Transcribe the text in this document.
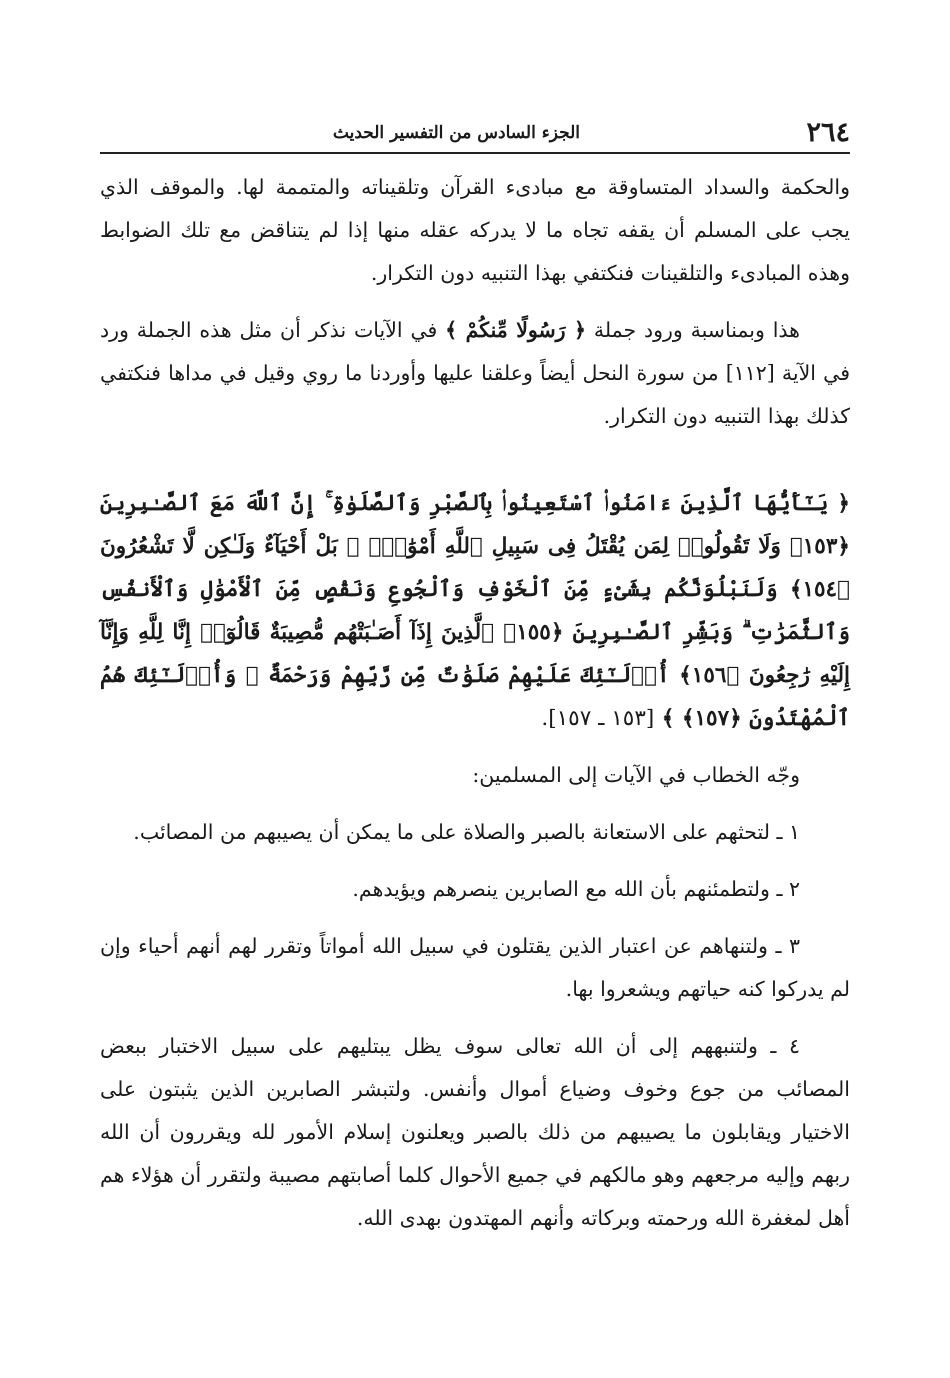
٢٦٤
الجزء السادس من التفسير الحديث

والحكمة والسداد المتساوقة مع مبادىء القرآن وتلقيناته والمتممة لها. والموقف الذي يجب على المسلم أن يقفه تجاه ما لا يدركه عقله منها إذا لم يتناقض مع تلك الضوابط وهذه المبادىء والتلقينات فنكتفي بهذا التنبيه دون التكرار.

هذا وبمناسبة ورود جملة ﴿ رَسُولًا مِّنكُمْ ﴾ في الآيات نذكر أن مثل هذه الجملة ورد في الآية [١١٢] من سورة النحل أيضاً وعلقنا عليها وأوردنا ما روي وقيل في مداها فنكتفي كذلك بهذا التنبيه دون التكرار.

﴿ يَـٰٓأَيُّهَا ٱلَّذِينَ ءَامَنُوا۟ ٱسْتَعِينُوا۟ بِٱلصَّبْرِ وَٱلصَّلَوٰةِ ۚ إِنَّ ٱللَّهَ مَعَ ٱلصَّـٰبِرِينَ ﴿١٥٣﴾ وَلَا تَقُولُوا۟ لِمَن يُقْتَلُ فِى سَبِيلِ ٱللَّهِ أَمْوَٰتٌۢ ۚ بَلْ أَحْيَآءٌ وَلَـٰكِن لَّا تَشْعُرُونَ ﴿١٥٤﴾ وَلَنَبْلُوَنَّكُم بِشَىْءٍ مِّنَ ٱلْخَوْفِ وَٱلْجُوعِ وَنَقْصٍ مِّنَ ٱلْأَمْوَٰلِ وَٱلْأَنفُسِ وَٱلثَّمَرَٰتِ ۗ وَبَشِّرِ ٱلصَّـٰبِرِينَ ﴿١٥٥﴾ ٱلَّذِينَ إِذَآ أَصَـٰبَتْهُم مُّصِيبَةٌ قَالُوٓا۟ إِنَّا لِلَّهِ وَإِنَّآ إِلَيْهِ رَٰجِعُونَ ﴿١٥٦﴾ أُو۟لَـٰٓئِكَ عَلَيْهِمْ صَلَوَٰتٌ مِّن رَّبِّهِمْ وَرَحْمَةٌ ۖ وَأُو۟لَـٰٓئِكَ هُمُ ٱلْمُهْتَدُونَ ﴿١٥٧﴾ ﴾ [١٥٣ ـ ١٥٧].

وجّه الخطاب في الآيات إلى المسلمين:

١ ـ لتحثهم على الاستعانة بالصبر والصلاة على ما يمكن أن يصيبهم من المصائب.

٢ ـ ولتطمئنهم بأن الله مع الصابرين ينصرهم ويؤيدهم.

٣ ـ ولتنهاهم عن اعتبار الذين يقتلون في سبيل الله أمواتاً وتقرر لهم أنهم أحياء وإن لم يدركوا كنه حياتهم ويشعروا بها.

٤ ـ ولتنبههم إلى أن الله تعالى سوف يظل يبتليهم على سبيل الاختبار ببعض المصائب من جوع وخوف وضياع أموال وأنفس. ولتبشر الصابرين الذين يثبتون على الاختيار ويقابلون ما يصيبهم من ذلك بالصبر ويعلنون إسلام الأمور لله ويقررون أن الله ربهم وإليه مرجعهم وهو مالكهم في جميع الأحوال كلما أصابتهم مصيبة ولتقرر أن هؤلاء هم أهل لمغفرة الله ورحمته وبركاته وأنهم المهتدون بهدى الله.
